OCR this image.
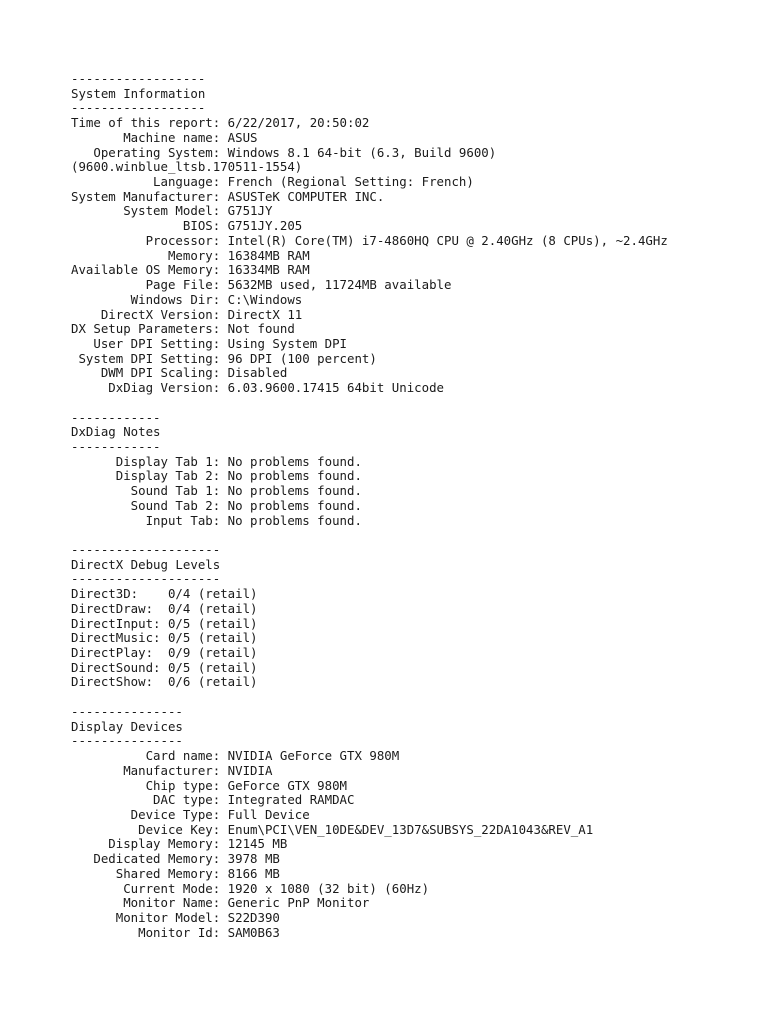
------------------
System Information
------------------
Time of this report: 6/22/2017, 20:50:02
Machine name: ASUS
Operating System: Windows 8.1 64-bit (6.3, Build 9600)
(9600.winblue_ltsb.170511-1554)
Language: French (Regional Setting: French)
System Manufacturer: ASUSTeK COMPUTER INC.
System Model: G751JY
BIOS: G751JY.205
Processor: Intel(R) Core(TM) i7-4860HQ CPU @ 2.40GHz (8 CPUs), ~2.4GHz
Memory: 16384MB RAM
Available OS Memory: 16334MB RAM
Page File: 5632MB used, 11724MB available
Windows Dir: C:\Windows
DirectX Version: DirectX 11
DX Setup Parameters: Not found
User DPI Setting: Using System DPI
System DPI Setting: 96 DPI (100 percent)
DWM DPI Scaling: Disabled
DxDiag Version: 6.03.9600.17415 64bit Unicode
------------
DxDiag Notes
------------
Display Tab 1: No problems found.
Display Tab 2: No problems found.
Sound Tab 1: No problems found.
Sound Tab 2: No problems found.
Input Tab: No problems found.
--------------------
DirectX Debug Levels
--------------------
Direct3D:    0/4 (retail)
DirectDraw:  0/4 (retail)
DirectInput: 0/5 (retail)
DirectMusic: 0/5 (retail)
DirectPlay:  0/9 (retail)
DirectSound: 0/5 (retail)
DirectShow:  0/6 (retail)
---------------
Display Devices
---------------
Card name: NVIDIA GeForce GTX 980M
Manufacturer: NVIDIA
Chip type: GeForce GTX 980M
DAC type: Integrated RAMDAC
Device Type: Full Device
Device Key: Enum\PCI\VEN_10DE&DEV_13D7&SUBSYS_22DA1043&REV_A1
Display Memory: 12145 MB
Dedicated Memory: 3978 MB
Shared Memory: 8166 MB
Current Mode: 1920 x 1080 (32 bit) (60Hz)
Monitor Name: Generic PnP Monitor
Monitor Model: S22D390
Monitor Id: SAM0B63
